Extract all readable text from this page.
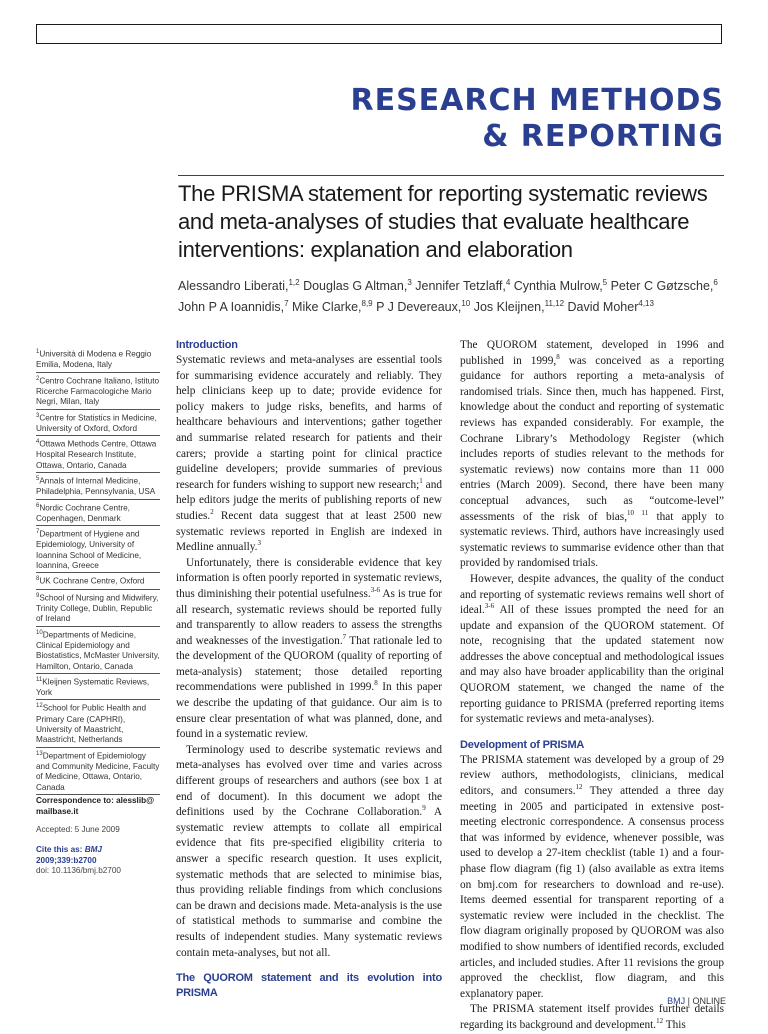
RESEARCH METHODS
& REPORTING
The PRISMA statement for reporting systematic reviews and meta-analyses of studies that evaluate healthcare interventions: explanation and elaboration
Alessandro Liberati,$^{1,2}$ Douglas G Altman,$^3$ Jennifer Tetzlaff,$^4$ Cynthia Mulrow,$^5$ Peter C Gøtzsche,$^6$ John P A Ioannidis,$^7$ Mike Clarke,$^{8,9}$ P J Devereaux,$^{10}$ Jos Kleijnen,$^{11,12}$ David Moher$^{4,13}$
$^1$Università di Modena e Reggio Emilia, Modena, Italy
$^2$Centro Cochrane Italiano, Istituto Ricerche Farmacologiche Mario Negri, Milan, Italy
$^3$Centre for Statistics in Medicine, University of Oxford, Oxford
$^4$Ottawa Methods Centre, Ottawa Hospital Research Institute, Ottawa, Ontario, Canada
$^5$Annals of Internal Medicine, Philadelphia, Pennsylvania, USA
$^6$Nordic Cochrane Centre, Copenhagen, Denmark
$^7$Department of Hygiene and Epidemiology, University of Ioannina School of Medicine, Ioannina, Greece
$^8$UK Cochrane Centre, Oxford
$^9$School of Nursing and Midwifery, Trinity College, Dublin, Republic of Ireland
$^{10}$Departments of Medicine, Clinical Epidemiology and Biostatistics, McMaster University, Hamilton, Ontario, Canada
$^{11}$Kleijnen Systematic Reviews, York
$^{12}$School for Public Health and Primary Care (CAPHRI), University of Maastricht, Maastricht, Netherlands
$^{13}$Department of Epidemiology and Community Medicine, Faculty of Medicine, Ottawa, Ontario, Canada
Correspondence to: alesslib@ mailbase.it
Accepted: 5 June 2009
Cite this as: BMJ 2009;339:b2700
doi: 10.1136/bmj.b2700
Introduction

Systematic reviews and meta-analyses are essential tools for summarising evidence accurately and reliably. They help clinicians keep up to date; provide evidence for policy makers to judge risks, benefits, and harms of healthcare behaviours and interventions; gather together and summarise related research for patients and their carers; provide a starting point for clinical practice guideline developers; provide summaries of previous research for funders wishing to support new research;$^1$ and help editors judge the merits of publishing reports of new studies.$^2$ Recent data suggest that at least 2500 new systematic reviews reported in English are indexed in Medline annually.$^3$

Unfortunately, there is considerable evidence that key information is often poorly reported in systematic reviews, thus diminishing their potential usefulness.$^{3-6}$ As is true for all research, systematic reviews should be reported fully and transparently to allow readers to assess the strengths and weaknesses of the investigation.$^7$ That rationale led to the development of the QUOROM (quality of reporting of meta-analysis) statement; those detailed reporting recommendations were published in 1999.$^8$ In this paper we describe the updating of that guidance. Our aim is to ensure clear presentation of what was planned, done, and found in a systematic review.

Terminology used to describe systematic reviews and meta-analyses has evolved over time and varies across different groups of researchers and authors (see box 1 at end of document). In this document we adopt the definitions used by the Cochrane Collaboration.$^9$ A systematic review attempts to collate all empirical evidence that fits pre-specified eligibility criteria to answer a specific research question. It uses explicit, systematic methods that are selected to minimise bias, thus providing reliable findings from which conclusions can be drawn and decisions made. Meta-analysis is the use of statistical methods to summarise and combine the results of independent studies. Many systematic reviews contain meta-analyses, but not all.

The QUOROM statement and its evolution into PRISMA

The QUOROM statement, developed in 1996 and published in 1999,$^8$ was conceived as a reporting guidance for authors reporting a meta-analysis of randomised trials. Since then, much has happened. First, knowledge about the conduct and reporting of systematic reviews has expanded considerably. For example, the Cochrane Library’s Methodology Register (which includes reports of studies relevant to the methods for systematic reviews) now contains more than 11 000 entries (March 2009). Second, there have been many conceptual advances, such as “outcome-level” assessments of the risk of bias,$^{10 11}$ that apply to systematic reviews. Third, authors have increasingly used systematic reviews to summarise evidence other than that provided by randomised trials.

However, despite advances, the quality of the conduct and reporting of systematic reviews remains well short of ideal.$^{3-6}$ All of these issues prompted the need for an update and expansion of the QUOROM statement. Of note, recognising that the updated statement now addresses the above conceptual and methodological issues and may also have broader applicability than the original QUOROM statement, we changed the name of the reporting guidance to PRISMA (preferred reporting items for systematic reviews and meta-analyses).

Development of PRISMA

The PRISMA statement was developed by a group of 29 review authors, methodologists, clinicians, medical editors, and consumers.$^{12}$ They attended a three day meeting in 2005 and participated in extensive post-meeting electronic correspondence. A consensus process that was informed by evidence, whenever possible, was used to develop a 27-item checklist (table 1) and a four-phase flow diagram (fig 1) (also available as extra items on bmj.com for researchers to download and re-use). Items deemed essential for transparent reporting of a systematic review were included in the checklist. The flow diagram originally proposed by QUOROM was also modified to show numbers of identified records, excluded articles, and included studies. After 11 revisions the group approved the checklist, flow diagram, and this explanatory paper.

The PRISMA statement itself provides further details regarding its background and development.$^{12}$ This

BMJ | ONLINE
